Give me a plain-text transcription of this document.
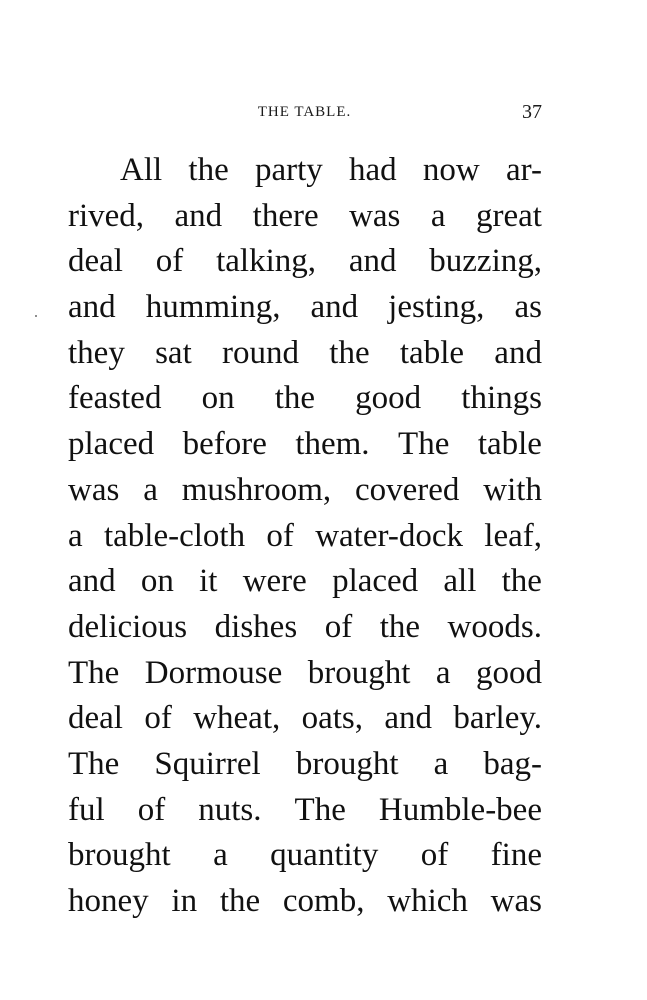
THE TABLE.	37
All the party had now ar-
rived, and there was a great
deal of talking, and buzzing,
and humming, and jesting, as
they sat round the table and
feasted on the good things
placed before them. The table
was a mushroom, covered with
a table-cloth of water-dock leaf,
and on it were placed all the
delicious dishes of the woods.
The Dormouse brought a good
deal of wheat, oats, and barley.
The Squirrel brought a bag-
ful of nuts. The Humble-bee
brought a quantity of fine
honey in the comb, which was
